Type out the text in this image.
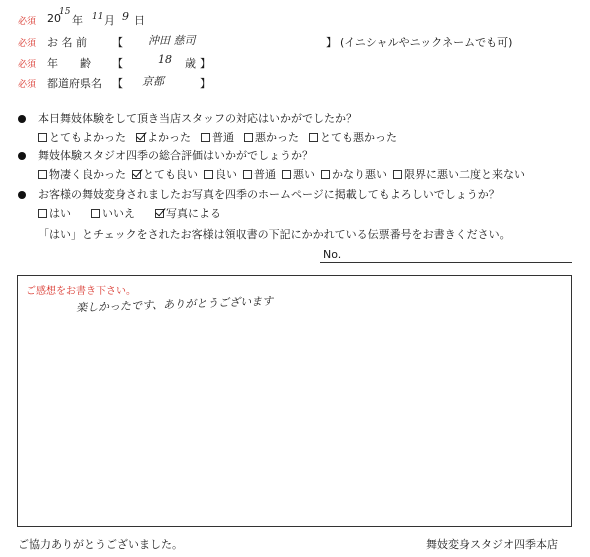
必須 20
15
年 11 月 9 日
必須 お 名 前 【 沖田 慈司	】 (イニシャルやニックネームでも可)
必須 年　　齢 【	18 歳 】
必須 都道府県名 【 京都	】
本日舞妓体験をして頂き当店スタッフの対応はいかがでしたか？
とてもよかった よかった 普通 悪かった とても悪かった
舞妓体験スタジオ四季の総合評価はいかがでしょうか？
物凄く良かった とても良い 良い 普通 悪い かなり悪い 限界に悪い二度と来ない
お客様の舞妓変身されましたお写真を四季のホームページに掲載してもよろしいでしょうか？
はい	いいえ	写真による
「はい」とチェックをされたお客様は領収書の下記にかかれている伝票番号をお書きください。
No.
ご感想をお書き下さい。
楽しかったです、ありがとうございます
ご協力ありがとうございました。	舞妓変身スタジオ四季本店
